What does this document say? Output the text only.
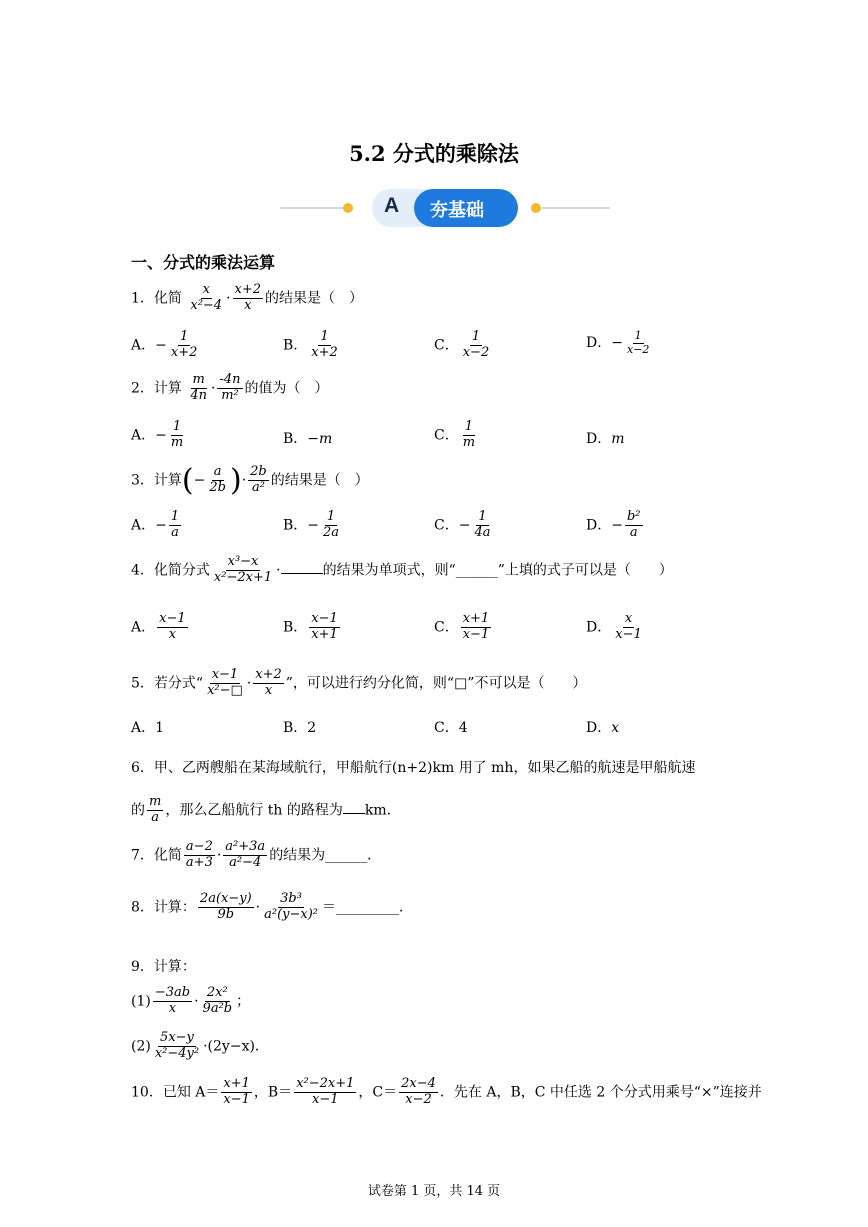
5.2 分式的乘除法
A 夯基础
一、分式的乘法运算
1．化简 $\frac{x}{\text{x²−4}} \cdot \frac{x+2}{x}$ 的结果是（　）
A．− $\frac{1}{x+2}$	B． $\frac{1}{x+2}$	C． $\frac{1}{x-2}$	D．− $\frac{1}{x-2}$
2．计算 $\frac{m}{4n} \cdot \frac{-4n}{\text{m²}}$ 的值为（　）
A．− $\frac{1}{m}$	B．−m	C． $\frac{1}{m}$	D．m
3．计算(− $\frac{a}{2b}$ )· $\frac{2b}{\text{a²}}$ 的结果是（　）
A．− $\frac{1}{a}$	B．− $\frac{1}{2a}$	C．− $\frac{1}{4a}$	D．− $\frac{\text{b²}}{a}$
4．化简分式 $\frac{\text{x³−x}}{\text{x²−2x+1}}$ ·	的结果为单项式，则“______”上填的式子可以是（　　）
A． $\frac{x-1}{x}$	B． $\frac{x-1}{x+1}$	C． $\frac{x+1}{x-1}$	D． $\frac{x}{x-1}$
5．若分式“ $\frac{x-1}{\text{x²−□}} \cdot \frac{x+2}{x}$ ”，可以进行约分化简，则“□”不可以是（　　）
A．1	B．2	C．4	D．x
6．甲、乙两艘船在某海域航行，甲船航行(n+2)km 用了 mh，如果乙船的航速是甲船航速
的 $\frac{m}{a}$ ，那么乙船航行 th 的路程为 km．
7．化简 $\frac{a-2}{a+3} \cdot \frac{\text{a²+3a}}{\text{a²−4}}$ 的结果为______．
8．计算： $\frac{2a(x-y)}{9b} \cdot \frac{\text{3b³}}{\text{a²(y−x)²}}$ ＝_________．
9．计算：
$(1) \frac{-3ab}{x} \cdot \frac{\text{2x²}}{\text{9a²b}}$ ；
$(2) \frac{5x-y}{\text{x²−4y²}} \cdot(2y-x)$．
10．已知 $A= \frac{x+1}{x-1}$ ，$B= \frac{\text{x²−2x+1}}{x-1}$ ，$C= \frac{2x-4}{x-2}$ ．先在 A，B，C 中任选 2 个分式用乘号“×”连接并
试卷第 1 页，共 14 页
